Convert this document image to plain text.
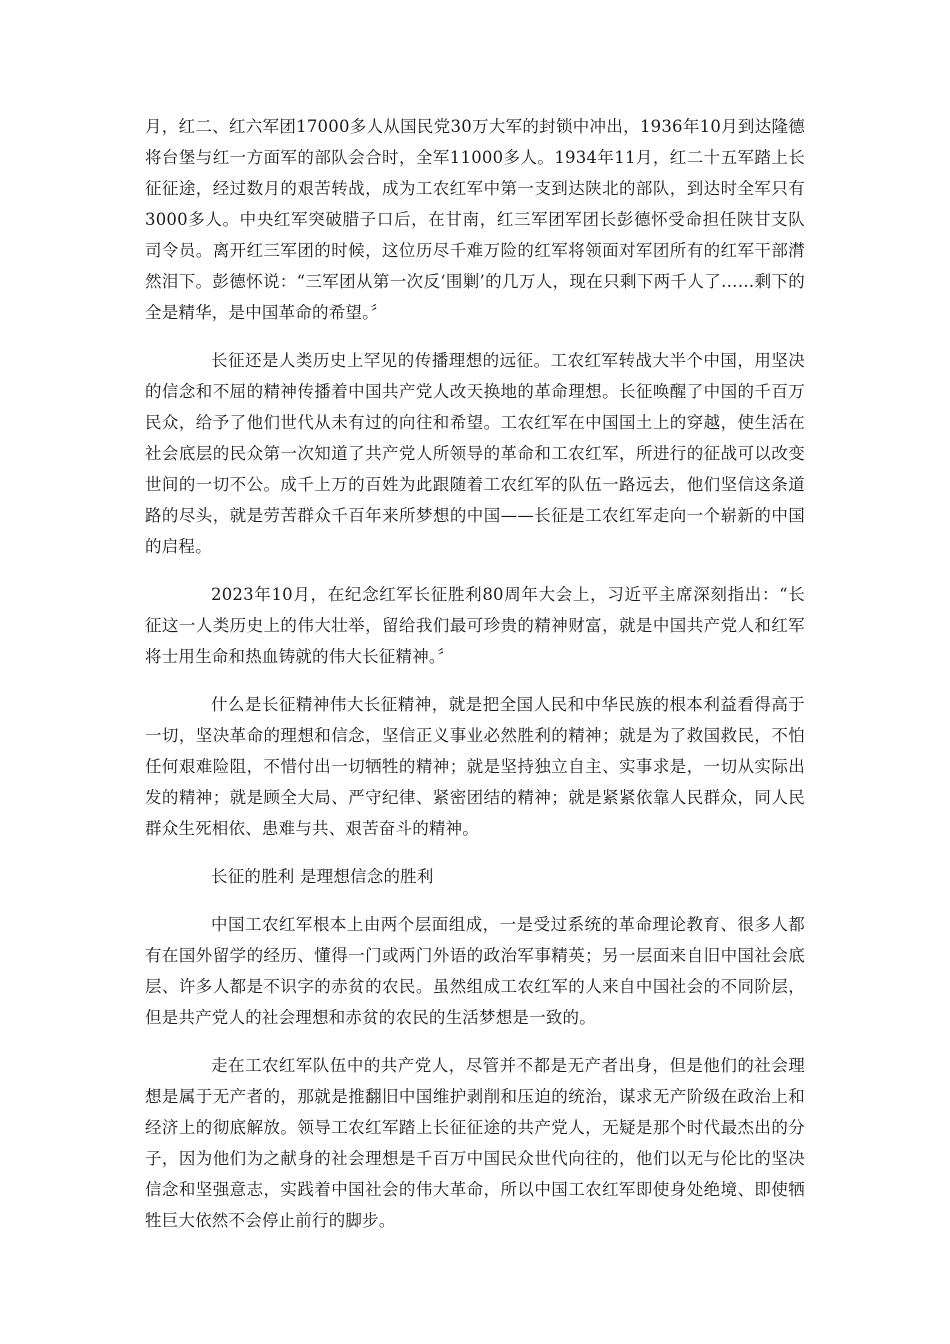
月，红二、红六军团17000多人从国民党30万大军的封锁中冲出，1936年10月到达隆德将台堡与红一方面军的部队会合时，全军11000多人。1934年11月，红二十五军踏上长征征途，经过数月的艰苦转战，成为工农红军中第一支到达陕北的部队，到达时全军只有3000多人。中央红军突破腊子口后，在甘南，红三军团军团长彭德怀受命担任陕甘支队司令员。离开红三军团的时候，这位历尽千难万险的红军将领面对军团所有的红军干部潸然泪下。彭德怀说：“三军团从第一次反‘围剿’的几万人，现在只剩下两千人了……剩下的全是精华，是中国革命的希望。〞

长征还是人类历史上罕见的传播理想的远征。工农红军转战大半个中国，用坚决的信念和不屈的精神传播着中国共产党人改天换地的革命理想。长征唤醒了中国的千百万民众，给予了他们世代从未有过的向往和希望。工农红军在中国国土上的穿越，使生活在社会底层的民众第一次知道了共产党人所领导的革命和工农红军，所进行的征战可以改变世间的一切不公。成千上万的百姓为此跟随着工农红军的队伍一路远去，他们坚信这条道路的尽头，就是劳苦群众千百年来所梦想的中国——长征是工农红军走向一个崭新的中国的启程。

2023年10月，在纪念红军长征胜利80周年大会上，习近平主席深刻指出：“长征这一人类历史上的伟大壮举，留给我们最可珍贵的精神财富，就是中国共产党人和红军将士用生命和热血铸就的伟大长征精神。〞

什么是长征精神伟大长征精神，就是把全国人民和中华民族的根本利益看得高于一切，坚决革命的理想和信念，坚信正义事业必然胜利的精神；就是为了救国救民，不怕任何艰难险阻，不惜付出一切牺牲的精神；就是坚持独立自主、实事求是，一切从实际出发的精神；就是顾全大局、严守纪律、紧密团结的精神；就是紧紧依靠人民群众，同人民群众生死相依、患难与共、艰苦奋斗的精神。

长征的胜利 是理想信念的胜利

中国工农红军根本上由两个层面组成，一是受过系统的革命理论教育、很多人都有在国外留学的经历、懂得一门或两门外语的政治军事精英；另一层面来自旧中国社会底层、许多人都是不识字的赤贫的农民。虽然组成工农红军的人来自中国社会的不同阶层，但是共产党人的社会理想和赤贫的农民的生活梦想是一致的。

走在工农红军队伍中的共产党人，尽管并不都是无产者出身，但是他们的社会理想是属于无产者的，那就是推翻旧中国维护剥削和压迫的统治，谋求无产阶级在政治上和经济上的彻底解放。领导工农红军踏上长征征途的共产党人，无疑是那个时代最杰出的分子，因为他们为之献身的社会理想是千百万中国民众世代向往的，他们以无与伦比的坚决信念和坚强意志，实践着中国社会的伟大革命，所以中国工农红军即使身处绝境、即使牺牲巨大依然不会停止前行的脚步。
